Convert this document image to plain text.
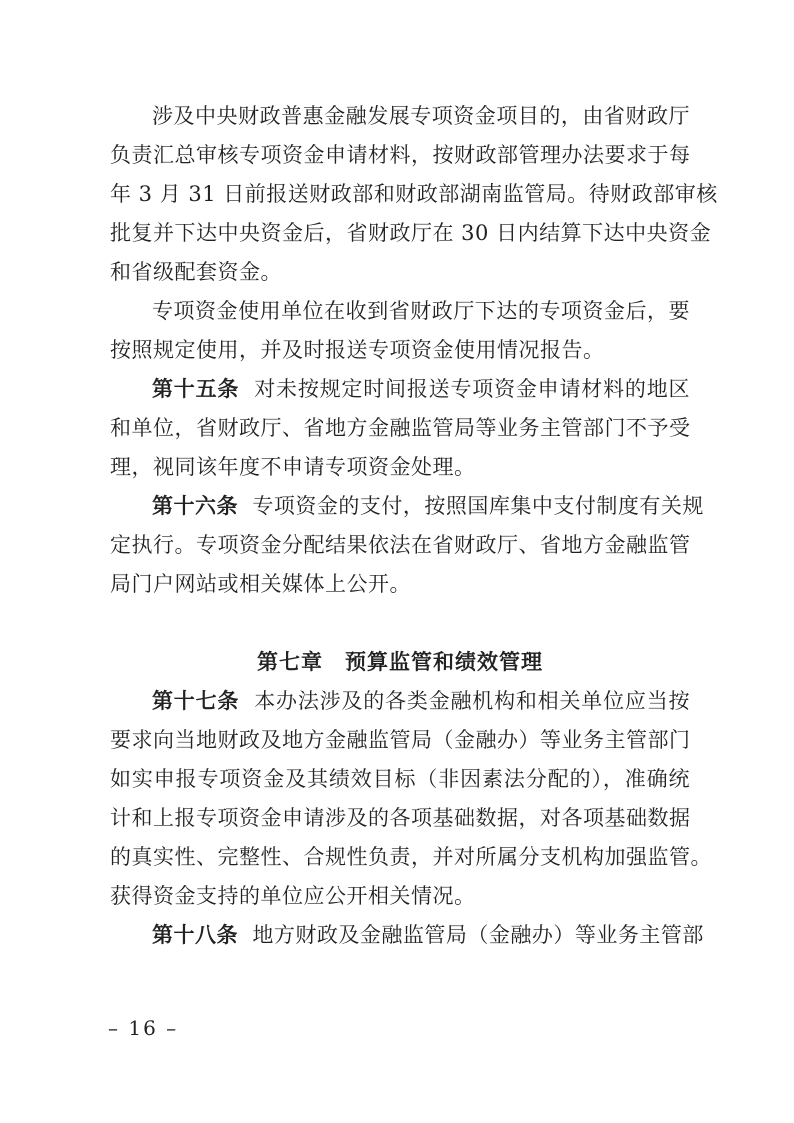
涉及中央财政普惠金融发展专项资金项目的，由省财政厅
负责汇总审核专项资金申请材料，按财政部管理办法要求于每
年 3 月 31 日前报送财政部和财政部湖南监管局。待财政部审核
批复并下达中央资金后，省财政厅在 30 日内结算下达中央资金
和省级配套资金。
专项资金使用单位在收到省财政厅下达的专项资金后，要
按照规定使用，并及时报送专项资金使用情况报告。
第十五条 对未按规定时间报送专项资金申请材料的地区
和单位，省财政厅、省地方金融监管局等业务主管部门不予受
理，视同该年度不申请专项资金处理。
第十六条 专项资金的支付，按照国库集中支付制度有关规
定执行。专项资金分配结果依法在省财政厅、省地方金融监管
局门户网站或相关媒体上公开。
第七章　预算监管和绩效管理
第十七条 本办法涉及的各类金融机构和相关单位应当按
要求向当地财政及地方金融监管局（金融办）等业务主管部门
如实申报专项资金及其绩效目标（非因素法分配的），准确统
计和上报专项资金申请涉及的各项基础数据，对各项基础数据
的真实性、完整性、合规性负责，并对所属分支机构加强监管。
获得资金支持的单位应公开相关情况。
第十八条 地方财政及金融监管局（金融办）等业务主管部
– 16 –
